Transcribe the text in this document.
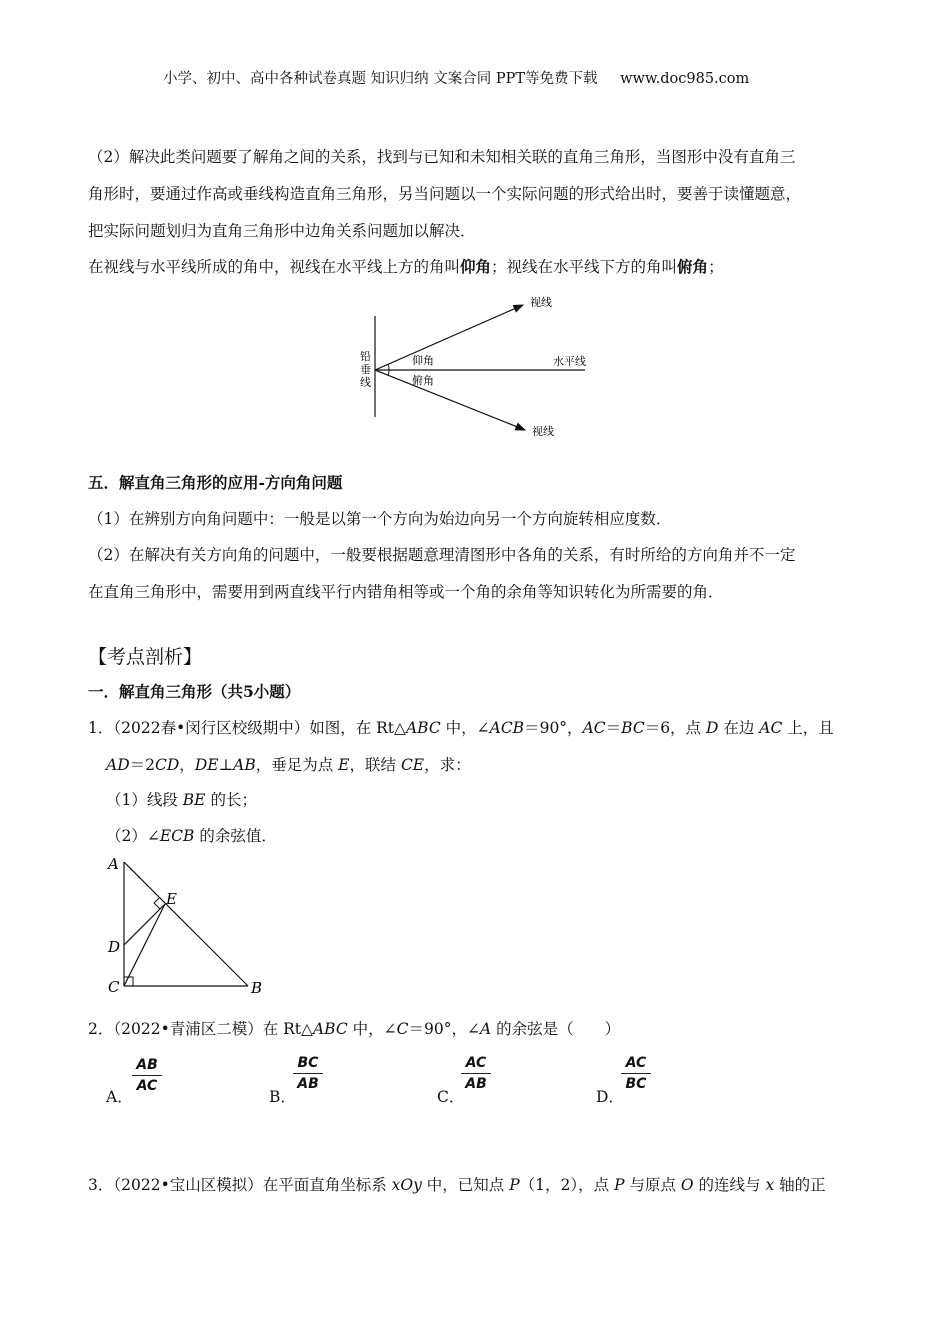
小学、初中、高中各种试卷真题 知识归纳 文案合同 PPT等免费下载 www.doc985.com
（2）解决此类问题要了解角之间的关系，找到与已知和未知相关联的直角三角形，当图形中没有直角三
角形时，要通过作高或垂线构造直角三角形，另当问题以一个实际问题的形式给出时，要善于读懂题意，
把实际问题划归为直角三角形中边角关系问题加以解决．
在视线与水平线所成的角中，视线在水平线上方的角叫仰角；视线在水平线下方的角叫俯角；
视线
仰角	水平线
俯角
视线
铅
垂
线
五．解直角三角形的应用-方向角问题
（1）在辨别方向角问题中：一般是以第一个方向为始边向另一个方向旋转相应度数．
（2）在解决有关方向角的问题中，一般要根据题意理清图形中各角的关系，有时所给的方向角并不一定
在直角三角形中，需要用到两直线平行内错角相等或一个角的余角等知识转化为所需要的角．
【考点剖析】
一．解直角三角形（共5小题）
1．（2022春•闵行区校级期中）如图，在 Rt△ABC 中，∠ACB＝90°，AC＝BC＝6，点 D 在边 AC 上，且
AD＝2CD，DE⊥AB，垂足为点 E，联结 CE，求：
（1）线段 BE 的长；
（2）∠ECB 的余弦值．
A
E
D
C	B
2．（2022•青浦区二模）在 Rt△ABC 中，∠C＝90°，∠A 的余弦是（　　）
A．
AB
AC
B．
BC
AB
C．
AC
AB
D．
AC
BC
3．（2022•宝山区模拟）在平面直角坐标系 xOy 中，已知点 P（1，2），点 P 与原点 O 的连线与 x 轴的正
